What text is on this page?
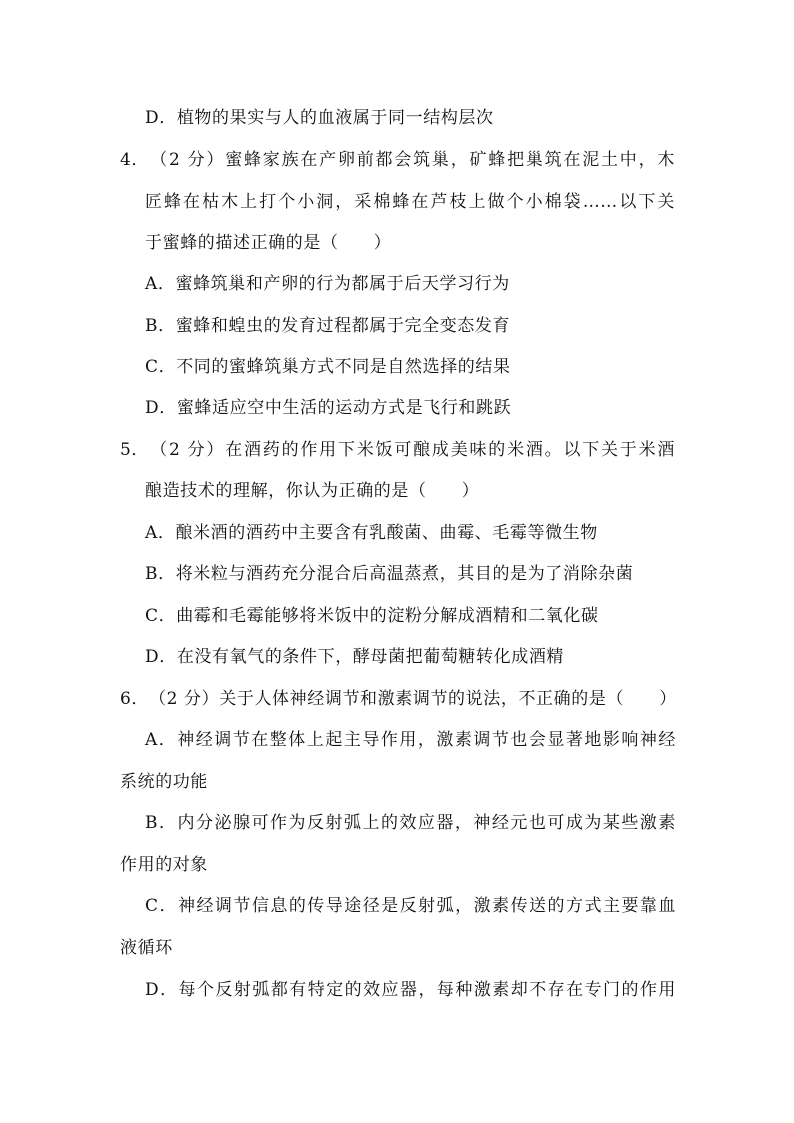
D．植物的果实与人的血液属于同一结构层次
4．（2 分）蜜蜂家族在产卵前都会筑巢，矿蜂把巢筑在泥土中，木
匠蜂在枯木上打个小洞，采棉蜂在芦枝上做个小棉袋……以下关
于蜜蜂的描述正确的是（　　）
A．蜜蜂筑巢和产卵的行为都属于后天学习行为
B．蜜蜂和蝗虫的发育过程都属于完全变态发育
C．不同的蜜蜂筑巢方式不同是自然选择的结果
D．蜜蜂适应空中生活的运动方式是飞行和跳跃
5．（2 分）在酒药的作用下米饭可酿成美味的米酒。以下关于米酒
酿造技术的理解，你认为正确的是（　　）
A．酿米酒的酒药中主要含有乳酸菌、曲霉、毛霉等微生物
B．将米粒与酒药充分混合后高温蒸煮，其目的是为了消除杂菌
C．曲霉和毛霉能够将米饭中的淀粉分解成酒精和二氧化碳
D．在没有氧气的条件下，酵母菌把葡萄糖转化成酒精
6．（2 分）关于人体神经调节和激素调节的说法，不正确的是（　　）
A．神经调节在整体上起主导作用，激素调节也会显著地影响神经
系统的功能
B．内分泌腺可作为反射弧上的效应器，神经元也可成为某些激素
作用的对象
C．神经调节信息的传导途径是反射弧，激素传送的方式主要靠血
液循环
D．每个反射弧都有特定的效应器，每种激素却不存在专门的作用
